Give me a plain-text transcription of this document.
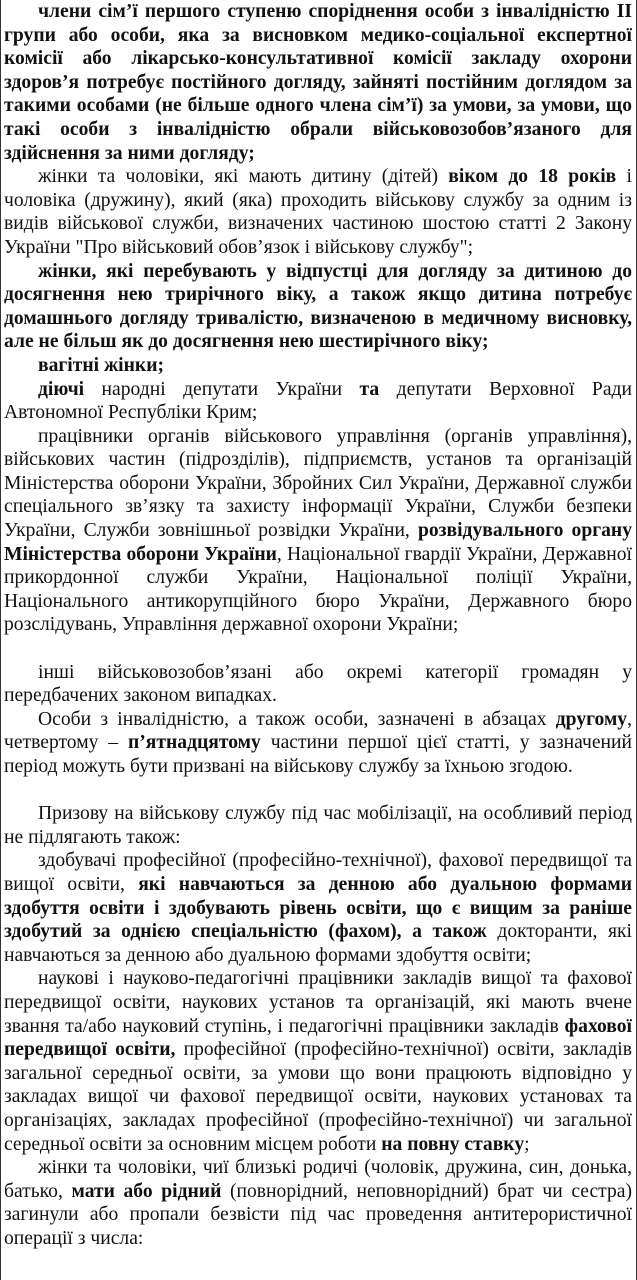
члени сім’ї першого ступеню споріднення особи з інвалідністю II групи або особи, яка за висновком медико-соціальної експертної комісії або лікарсько-консультативної комісії закладу охорони здоров’я потребує постійного догляду, зайняті постійним доглядом за такими особами (не більше одного члена сім’ї) за умови, за умови, що такі особи з інвалідністю обрали військовозобов’язаного для здійснення за ними догляду;

жінки та чоловіки, які мають дитину (дітей) віком до 18 років і чоловіка (дружину), який (яка) проходить військову службу за одним із видів військової служби, визначених частиною шостою статті 2 Закону України "Про військовий обов’язок і військову службу";

жінки, які перебувають у відпустці для догляду за дитиною до досягнення нею трирічного віку, а також якщо дитина потребує домашнього догляду тривалістю, визначеною в медичному висновку, але не більш як до досягнення нею шестирічного віку;

вагітні жінки;

діючі народні депутати України та депутати Верховної Ради Автономної Республіки Крим;

працівники органів військового управління (органів управління), військових частин (підрозділів), підприємств, установ та організацій Міністерства оборони України, Збройних Сил України, Державної служби спеціального зв’язку та захисту інформації України, Служби безпеки України, Служби зовнішньої розвідки України, розвідувального органу Міністерства оборони України, Національної гвардії України, Державної прикордонної служби України, Національної поліції України, Національного антикорупційного бюро України, Державного бюро розслідувань, Управління державної охорони України;

інші військовозобов’язані або окремі категорії громадян у передбачених законом випадках.

Особи з інвалідністю, а також особи, зазначені в абзацах другому, четвертому – п’ятнадцятому частини першої цієї статті, у зазначений період можуть бути призвані на військову службу за їхньою згодою.

Призову на військову службу під час мобілізації, на особливий період не підлягають також:

здобувачі професійної (професійно-технічної), фахової передвищої та вищої освіти, які навчаються за денною або дуальною формами здобуття освіти і здобувають рівень освіти, що є вищим за раніше здобутий за однією спеціальністю (фахом), а також докторанти, які навчаються за денною або дуальною формами здобуття освіти;

наукові і науково-педагогічні працівники закладів вищої та фахової передвищої освіти, наукових установ та організацій, які мають вчене звання та/або науковий ступінь, і педагогічні працівники закладів фахової передвищої освіти, професійної (професійно-технічної) освіти, закладів загальної середньої освіти, за умови що вони працюють відповідно у закладах вищої чи фахової передвищої освіти, наукових установах та організаціях, закладах професійної (професійно-технічної) чи загальної середньої освіти за основним місцем роботи на повну ставку;

жінки та чоловіки, чиї близькі родичі (чоловік, дружина, син, донька, батько, мати або рідний (повнорідний, неповнорідний) брат чи сестра) загинули або пропали безвісти під час проведення антитерористичної операції з числа:
